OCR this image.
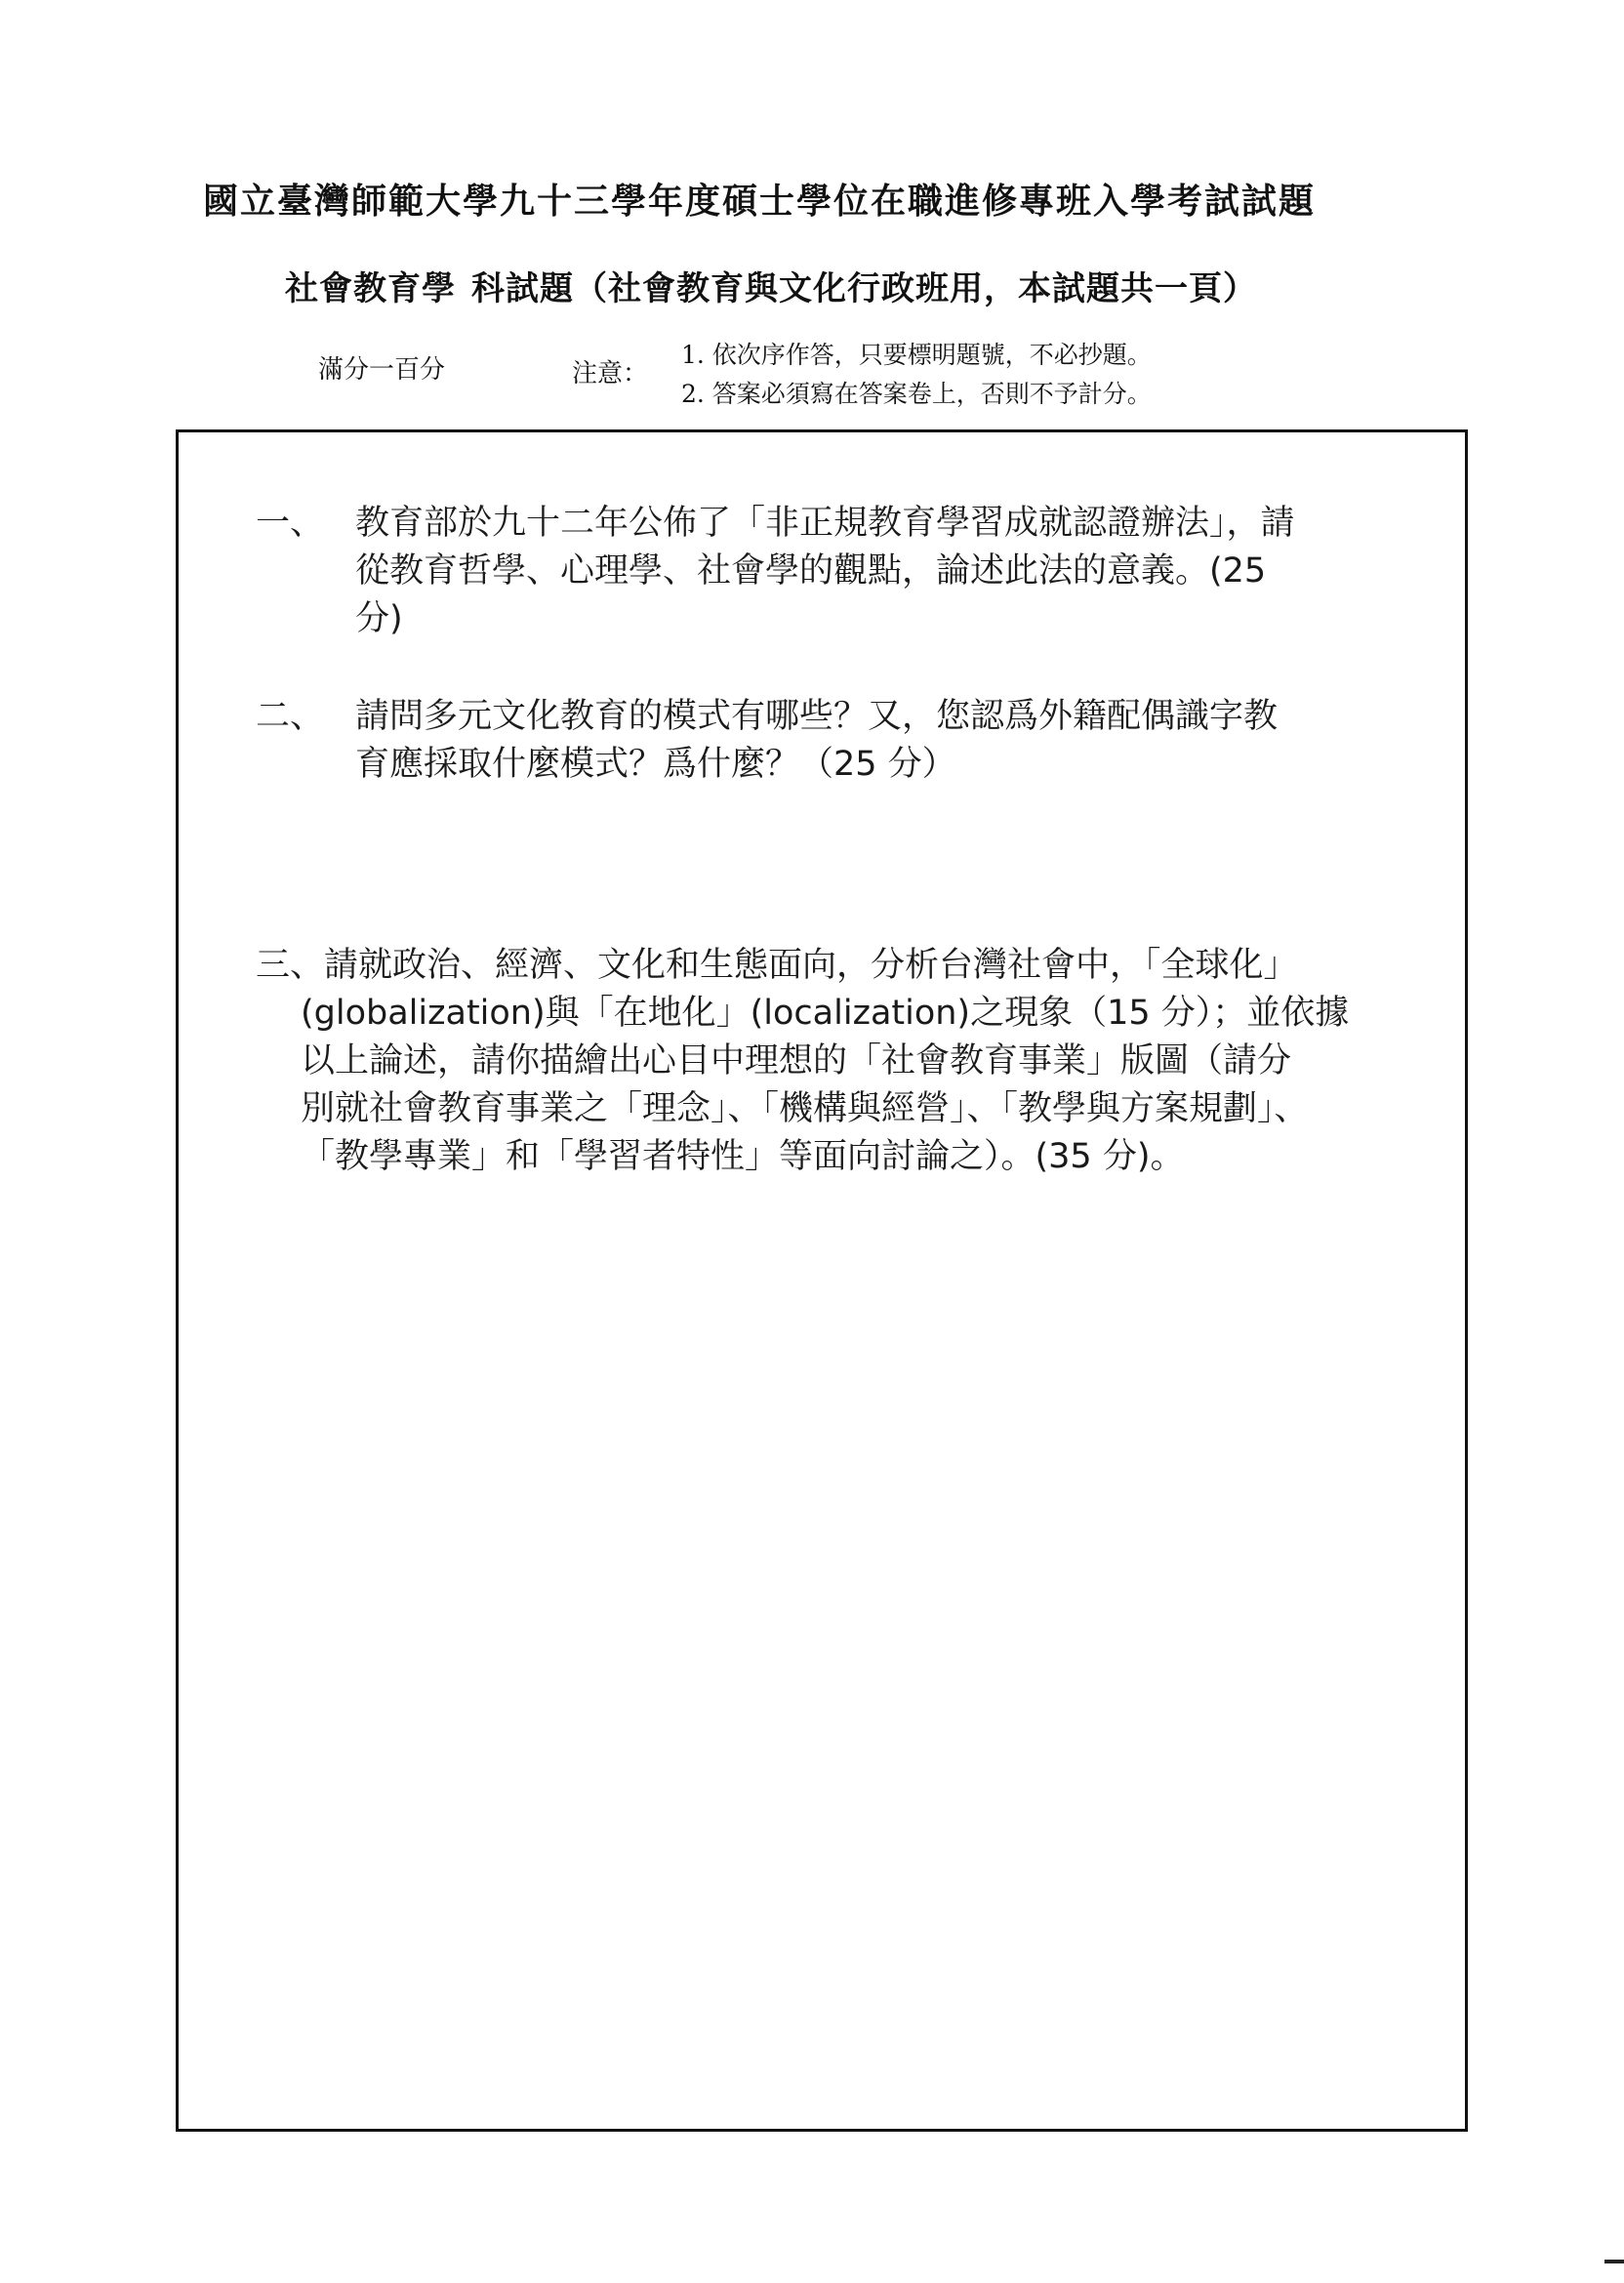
國立臺灣師範大學九十三學年度碩士學位在職進修專班入學考試試題
社會教育學 科試題（社會教育與文化行政班用，本試題共一頁）
滿分一百分	注意：
1. 依次序作答，只要標明題號，不必抄題。
2. 答案必須寫在答案卷上，否則不予計分。
一、 教育部於九十二年公佈了「非正規教育學習成就認證辦法」，請
從教育哲學、心理學、社會學的觀點，論述此法的意義。(25
分)
二、 請問多元文化教育的模式有哪些？又，您認爲外籍配偶識字教
育應採取什麼模式？爲什麼？（25 分）

三、請就政治、經濟、文化和生態面向，分析台灣社會中，「全球化」

(globalization)與「在地化」(localization)之現象（15 分）；並依據
以上論述，請你描繪出心目中理想的「社會教育事業」版圖（請分
別就社會教育事業之「理念」、「機構與經營」、「教學與方案規劃」、
「教學專業」和「學習者特性」等面向討論之）。(35 分)。
